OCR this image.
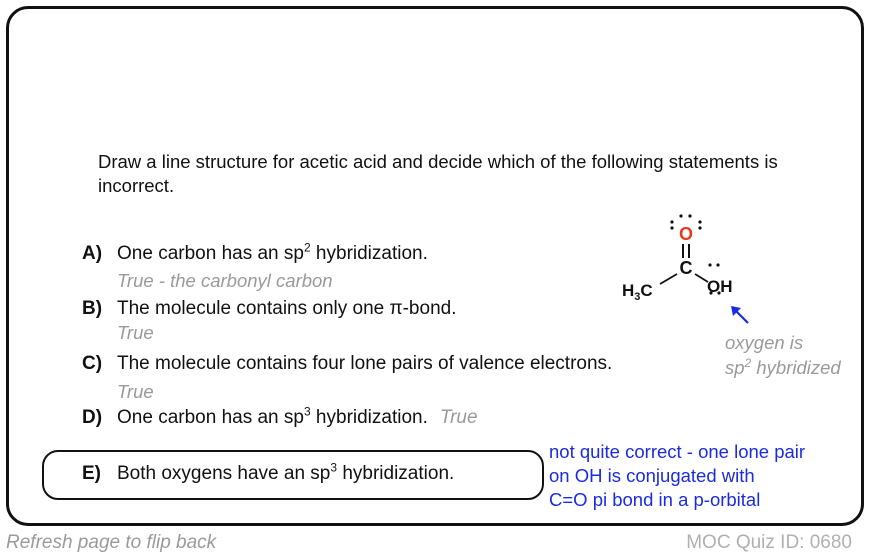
Draw a line structure for acetic acid and decide which of the following statements is incorrect.
A) One carbon has an $sp^2$ hybridization.
True - the carbonyl carbon
B) The molecule contains only one π-bond.
True
C) The molecule contains four lone pairs of valence electrons.
True
D) One carbon has an $sp^3$ hybridization. True
E) Both oxygens have an $sp^3$ hybridization.
not quite correct - one lone pair
on OH is conjugated with
C=O pi bond in a p-orbital
O
C
$H_3C$	OH
oxygen is
$sp^2$ hybridized
Refresh page to flip back	MOC Quiz ID: 0680
